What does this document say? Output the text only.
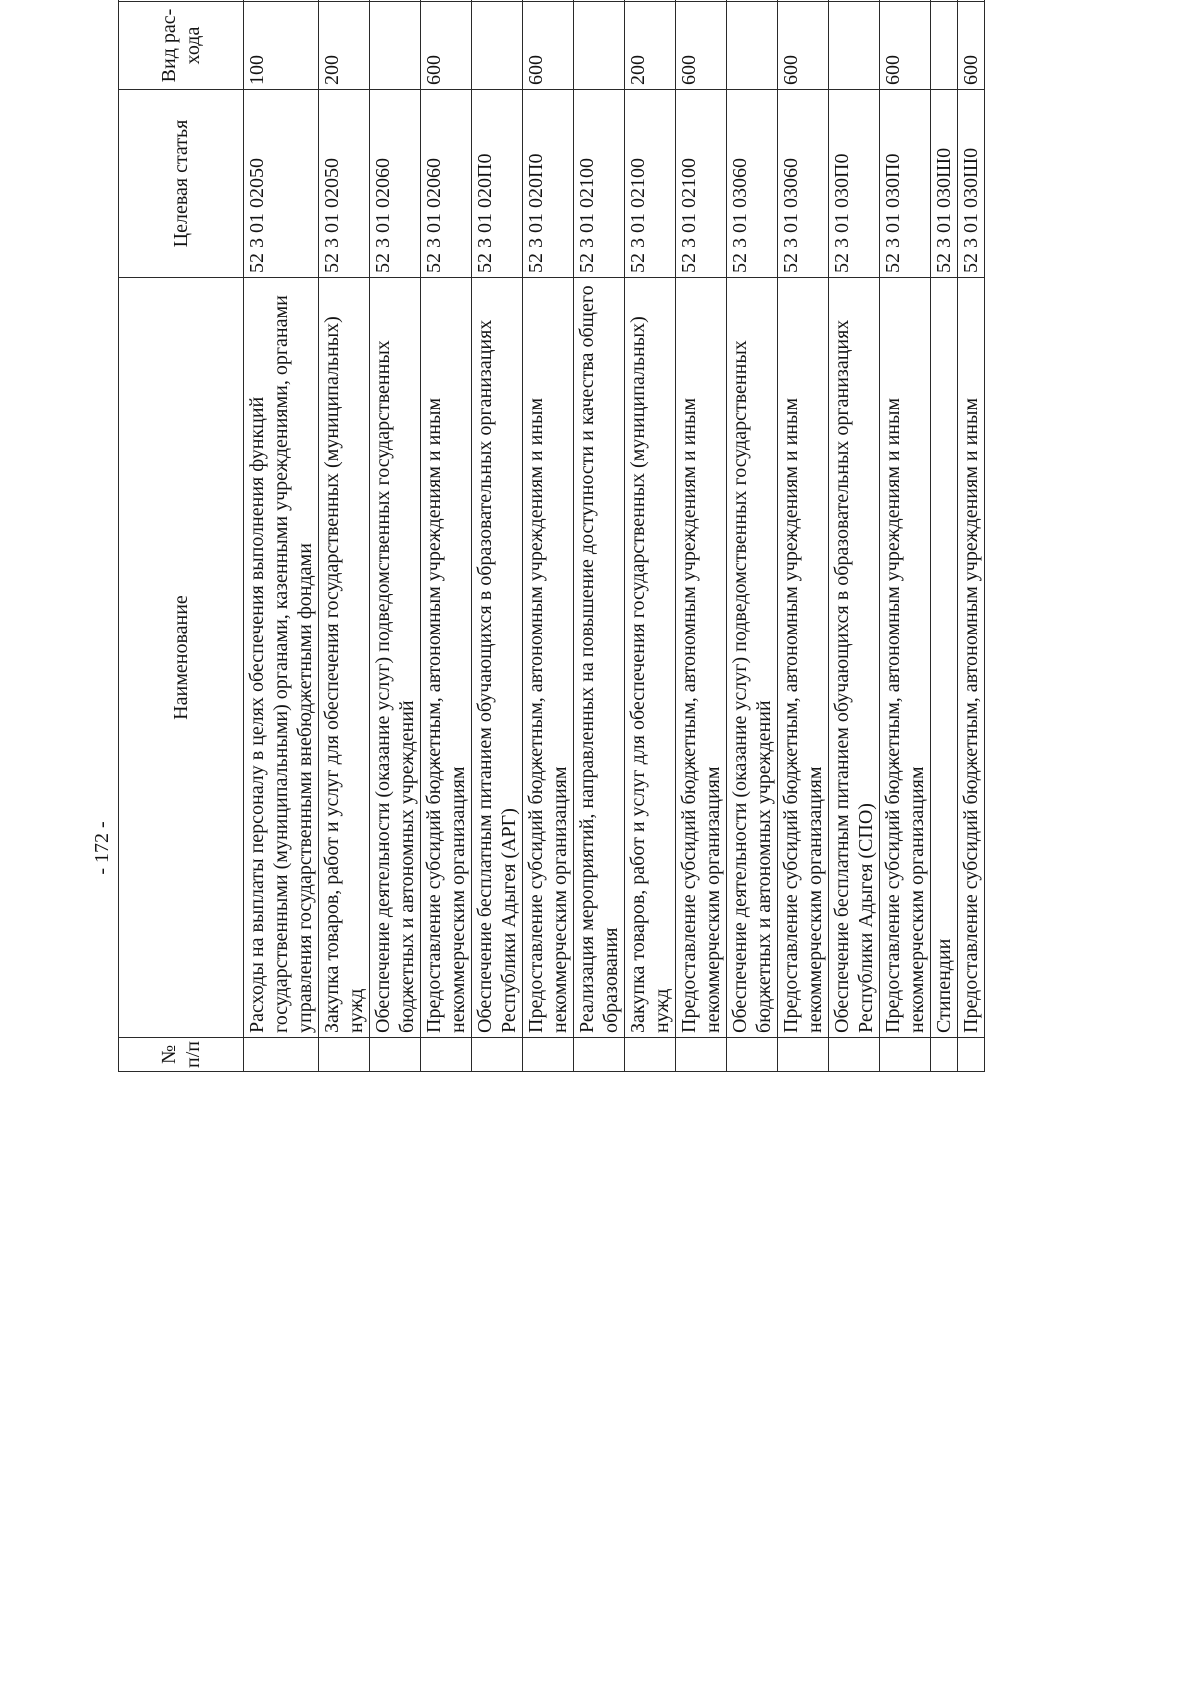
- 172 -
№ п/п	Наименование	Целевая статья	Вид рас-хода		
	Расходы на выплаты персоналу в целях обеспечения выполнения функций государственными (муниципальными) органами, казенными учреждениями, органами управления государственными внебюджетными фондами	52 3 01 02050	100		
	Закупка товаров, работ и услуг для обеспечения государственных (муниципальных) нужд	52 3 01 02050	200		
	Обеспечение деятельности (оказание услуг) подведомственных государственных бюджетных и автономных учреждений	52 3 01 02060			
	Предоставление субсидий бюджетным, автономным учреждениям и иным некоммерческим организациям	52 3 01 02060	600		
	Обеспечение бесплатным питанием обучающихся в образовательных организациях Республики Адыгея (АРГ)	52 3 01 020П0			
	Предоставление субсидий бюджетным, автономным учреждениям и иным некоммерческим организациям	52 3 01 020П0	600		
	Реализация мероприятий, направленных на повышение доступности и качества общего образования	52 3 01 02100			
	Закупка товаров, работ и услуг для обеспечения государственных (муниципальных) нужд	52 3 01 02100	200		
	Предоставление субсидий бюджетным, автономным учреждениям и иным некоммерческим организациям	52 3 01 02100	600		
	Обеспечение деятельности (оказание услуг) подведомственных государственных бюджетных и автономных учреждений	52 3 01 03060			
	Предоставление субсидий бюджетным, автономным учреждениям и иным некоммерческим организациям	52 3 01 03060	600		
	Обеспечение бесплатным питанием обучающихся в образовательных организациях Республики Адыгея (СПО)	52 3 01 030П0			
	Предоставление субсидий бюджетным, автономным учреждениям и иным некоммерческим организациям	52 3 01 030П0	600		
	Стипендии	52 3 01 030Ш0			
	Предоставление субсидий бюджетным, автономным учреждениям и иным	52 3 01 030Ш0	600		
